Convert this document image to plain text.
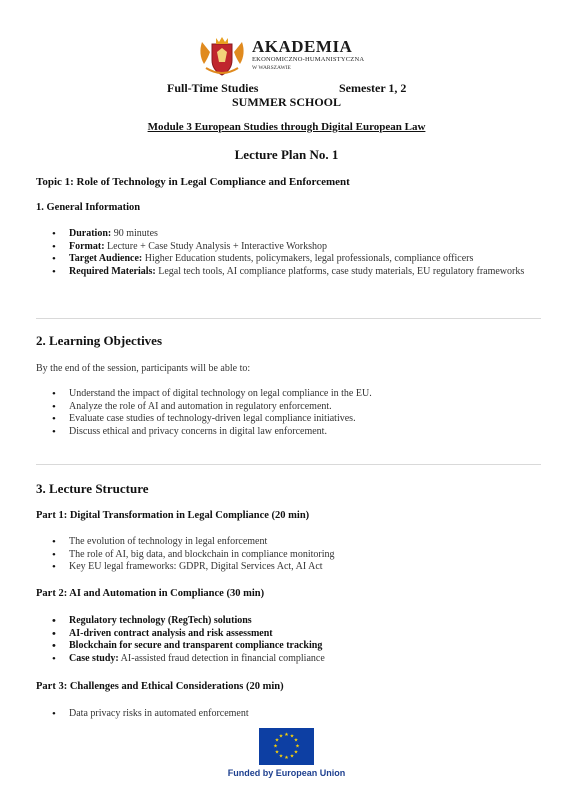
AKADEMIA
EKONOMICZNO-HUMANISTYCZNA
W WARSZAWIE
Full-Time Studies	Semester 1, 2
SUMMER SCHOOL
Module 3 European Studies through Digital European Law
Lecture Plan No. 1
Topic 1: Role of Technology in Legal Compliance and Enforcement
1. General Information
• Duration: 90 minutes
• Format: Lecture + Case Study Analysis + Interactive Workshop
• Target Audience: Higher Education students, policymakers, legal professionals, compliance officers
• Required Materials: Legal tech tools, AI compliance platforms, case study materials, EU regulatory frameworks
2. Learning Objectives
By the end of the session, participants will be able to:
• Understand the impact of digital technology on legal compliance in the EU.
• Analyze the role of AI and automation in regulatory enforcement.
• Evaluate case studies of technology-driven legal compliance initiatives.
• Discuss ethical and privacy concerns in digital law enforcement.
3. Lecture Structure
Part 1: Digital Transformation in Legal Compliance (20 min)
• The evolution of technology in legal enforcement
• The role of AI, big data, and blockchain in compliance monitoring
• Key EU legal frameworks: GDPR, Digital Services Act, AI Act
Part 2: AI and Automation in Compliance (30 min)
• Regulatory technology (RegTech) solutions
• AI-driven contract analysis and risk assessment
• Blockchain for secure and transparent compliance tracking
• Case study: AI-assisted fraud detection in financial compliance
Part 3: Challenges and Ethical Considerations (20 min)
• Data privacy risks in automated enforcement
★ ★
★
★
★
★
★
★
★
★
★
★
Funded by European Union
